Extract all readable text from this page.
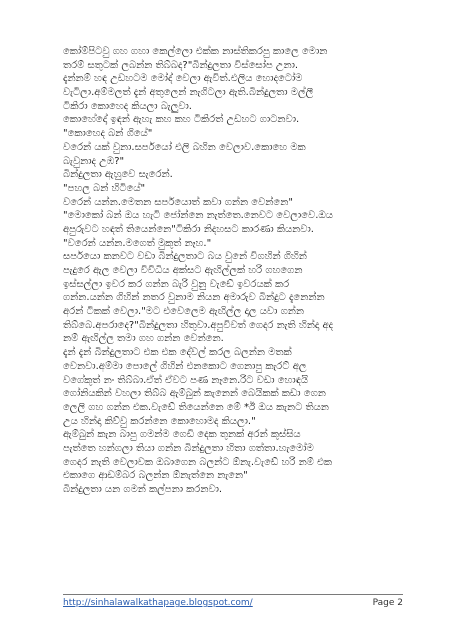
කෝම්පිටවු ගහ ගහා කෙල්ලො එක්ක නාස්තිකරපු කාලෙ මොන
තරම් සතුටක් ලබන්න තිබ්බද?"බින්දුලතා විස්සෝප උනා.
දැන්නම් හඳ උඩහටම මෝද් වෙලා ඇවිත්.එලිය හොදටෝම
වැටිලා.අම්මලත් දැන් අතුලෙන් නැගිටලා ඇති.බින්දුලතා මල්ලී
ටිකිරා කොහෙද කියලා බැලුවා.
කොහේදෝ ඉඳන් ඇහැ කහ කහ ටිකිරත් උඩහට ගාටනවා.
"කොහෙද බන් ගියේ"
වරෙන් යක් වුනා.සර්පයෝ එලි බහින වෙලාව.කොහෙ මක
බැවුනාද උඹ?"
බින්දුලතා ඇහුවෙ සැරෙන්.
"පහල බන් හිටියේ"
වරෙන් යන්න.මෙතන සර්පයොත් කවා ගන්න වෙන්නෙ"
"මොකෝ බන් ඔය හැටි ජෝන්නෙ නැත්තෙ.නෙවට වෙලාවෙ.ඔය
අපුරුවට හඳත් තියෙන්නෙ"ටිකිරා නිදහසට කාරණා කියනවා.
"වරෙන් යන්න.මගෙත් මුකුත් නෑහ."
සර්පයො කනවට වඩා බින්දුලතාට බය වුනේ විගහින් ගිහින්
පැදුරෙ ඇල වෙලා විවිධිය අක්සට ඇඟිල්ලක් හරි ගහගෙන
ඉස්සල්ලා ඉවර කර ගන්න බැරි වුනු වැඩේ ඉවරයක් කර
ගන්න.යන්න ගිහින් නතර වුනාම නියන අමාරුව බින්දුට දැනෙන්න
අරන් ටිකක් වෙලා."මට එවෙලෙම ඇඟිල්ල දාල යවා ගන්න
තිබ්බෙ.අපරාදෙ?"බින්දුලතා හිතුවා.අපුවිවත් ගෙදර නැති හින්දා අද
නම් ඇඟිල්ල තමා ගහ ගන්න වෙන්නෙ.
දැන් දැන් බින්දුලතාට එක එක දේවල් කරල බලන්න මතක්
වෙනවා.අම්මා පොලේ ගිහින් එනකොට ගෙනාපු කැරට් අල
වගේකුත් නං තිබ්බා.ඒත් ඒවට පණ නෑනෙ.රිට වඩා හොඳයි
ගෝනියකින් වහලා තිබ්බ ඇම්බුන් කැනෙන් බෙයිකක් කඩා ගෙන
ලෙලි ගහ ගන්න එක.වැඩේ තියෙන්නෙ මේ *ඊ ඔය කැනට තියන
උය හින්දා කිව්වු කරන්නෙ කොහොමද කියලා."
ඇම්බුන් කැන බාපු ගමන්ම ගෙඩි දෙක තුනක් අරන් කුස්සිය
පැත්තෙ හන්ගලා තියා ගන්න බින්දුලතා හිතා ගත්තා.හැමෝම
ගෙදර නැති වෙලාවක ඔබාගෙන බලන්ට ඕනැ.වැඩේ හරි නම් එක
එකාගෙ ආඩම්බර බලන්න ඕනැත්නෙ නැනෙ"
බින්දුලතා යන ගමන් කල්පනා කරනවා.
http://sinhalawalkathapage.blogspot.com/	Page 2
